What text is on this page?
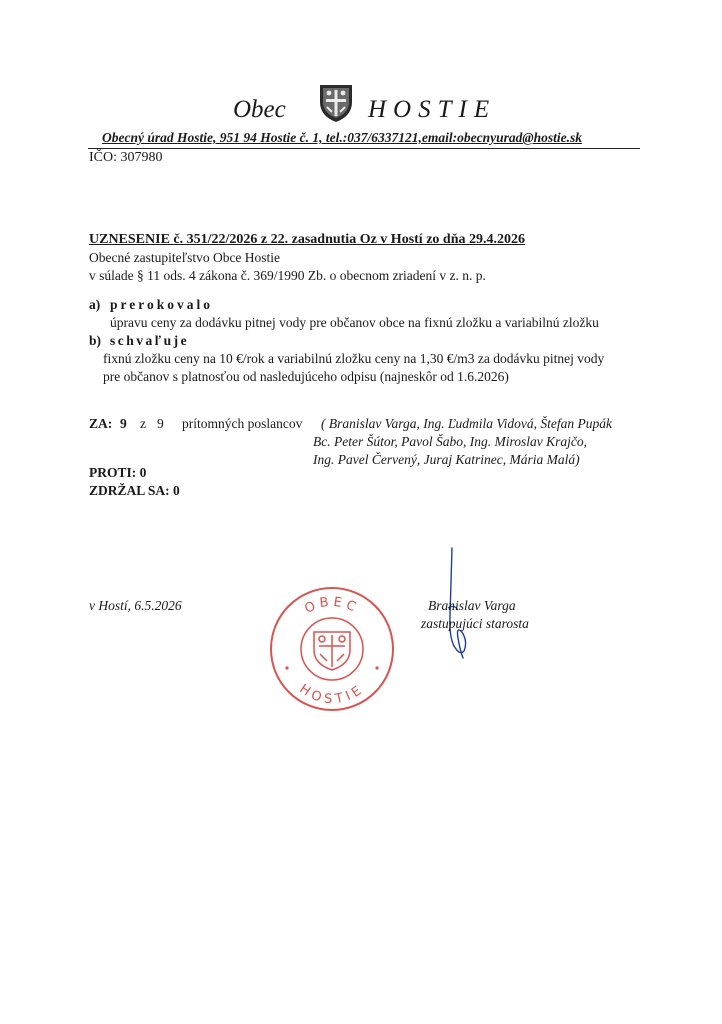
Obec	HOSTIE
Obecný úrad Hostie, 951 94 Hostie č. 1, tel.:037/6337121,email:obecnyurad@hostie.sk
IČO: 307980
UZNESENIE č. 351/22/2026 z 22. zasadnutia Oz v Hostí zo dňa 29.4.2026
Obecné zastupiteľstvo Obce Hostie
v súlade § 11 ods. 4 zákona č. 369/1990 Zb. o obecnom zriadení v z. n. p.
a) prerokovalo
úpravu ceny za dodávku pitnej vody pre občanov obce na fixnú zložku a variabilnú zložku
b) schvaľuje
fixnú zložku ceny na 10 €/rok a variabilnú zložku ceny na 1,30 €/m3 za dodávku pitnej vody
pre občanov s platnosťou od nasledujúceho odpisu (najneskôr od 1.6.2026)
ZA: 9 z 9 prítomných poslancov ( Branislav Varga, Ing. Ľudmila Vidová, Štefan Pupák
Bc. Peter Šútor, Pavol Šabo, Ing. Miroslav Krajčo,
Ing. Pavel Červený, Juraj Katrinec, Mária Malá)
PROTI: 0
ZDRŽAL SA: 0
v Hostí, 6.5.2026	OBEC
HOSTIE
Branislav Varga
zastupujúci starosta
